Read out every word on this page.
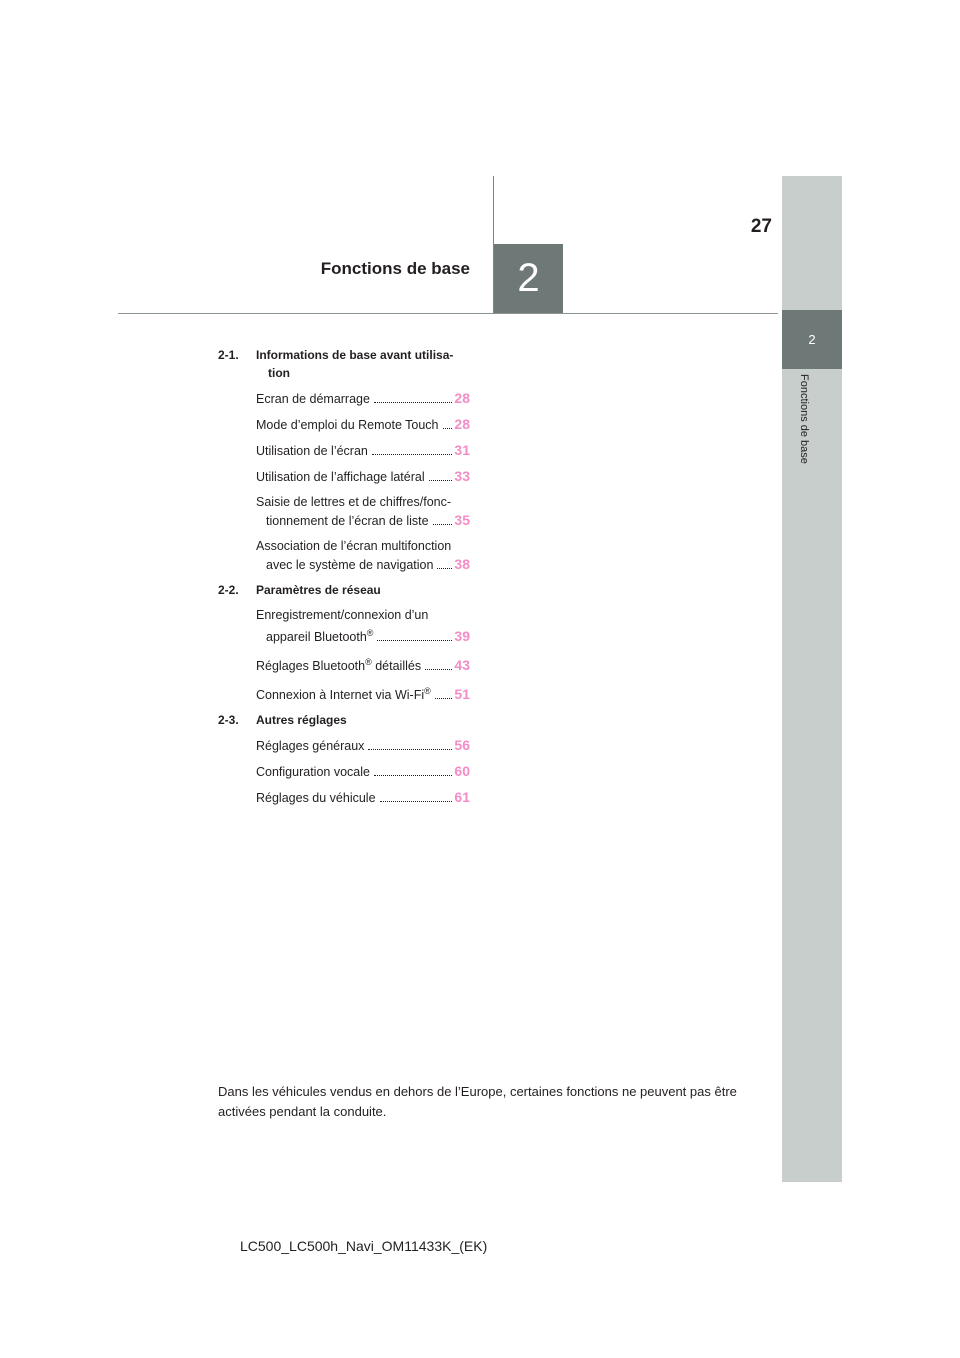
27
Fonctions de base	2
2
Fonctions de base
2-1.	Informations de base avant utilisa-
tion
Ecran de démarrage	28
Mode d’emploi du Remote Touch 28
Utilisation de l’écran	31
Utilisation de l’affichage latéral 33
Saisie de lettres et de chiffres/fonc-
tionnement de l’écran de liste 35
Association de l’écran multifonction
avec le système de navigation 38
2-2.	Paramètres de réseau
Enregistrement/connexion d’un
appareil Bluetooth®	39
Réglages Bluetooth® détaillés 43
Connexion à Internet via Wi-Fi® 51
2-3.	Autres réglages
Réglages généraux	56
Configuration vocale	60
Réglages du véhicule	61
Dans les véhicules vendus en dehors de l’Europe, certaines fonctions ne peuvent pas être activées pendant la conduite.
LC500_LC500h_Navi_OM11433K_(EK)
